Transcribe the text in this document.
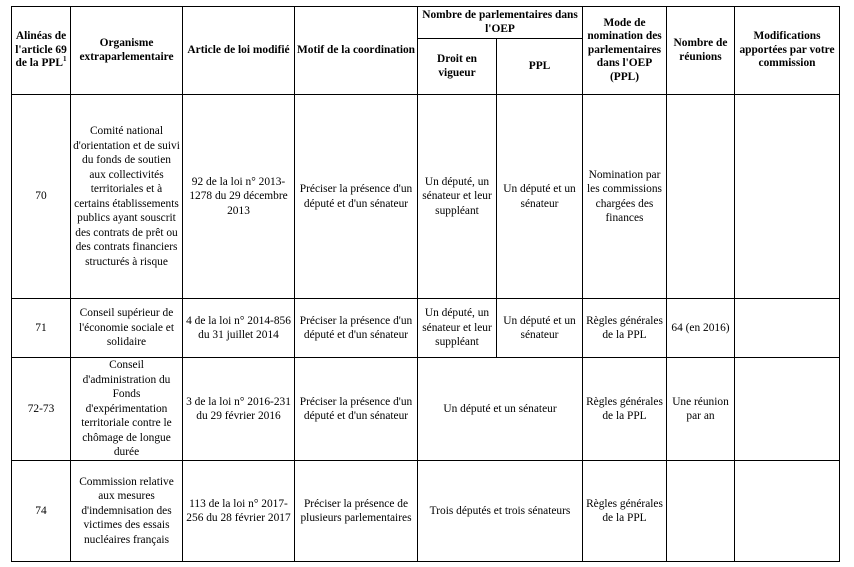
Alinéas de l'article 69 de la PPL$^1$	Organisme extraparlementaire	Article de loi modifié	Motif de la coordination	Nombre de parlementaires dans l'OEP		Mode de nomination des parlementaires dans l'OEP (PPL)	Nombre de réunions	Modifications apportées par votre commission
				Droit en vigueur	PPL			
70	Comité national d'orientation et de suivi du fonds de soutien aux collectivités territoriales et à certains établissements publics ayant souscrit des contrats de prêt ou des contrats financiers structurés à risque	92 de la loi n° 2013-1278 du 29 décembre 2013	Préciser la présence d'un député et d'un sénateur	Un député, un sénateur et leur suppléant	Un député et un sénateur	Nomination par les commissions chargées des finances		
71	Conseil supérieur de l'économie sociale et solidaire	4 de la loi n° 2014-856 du 31 juillet 2014	Préciser la présence d'un député et d'un sénateur	Un député, un sénateur et leur suppléant	Un député et un sénateur	Règles générales de la PPL	64 (en 2016)	
72-73	Conseil d'administration du Fonds d'expérimentation territoriale contre le chômage de longue durée	3 de la loi n° 2016-231 du 29 février 2016	Préciser la présence d'un député et d'un sénateur	Un député et un sénateur		Règles générales de la PPL	Une réunion par an	
74	Commission relative aux mesures d'indemnisation des victimes des essais nucléaires français	113 de la loi n° 2017-256 du 28 février 2017	Préciser la présence de plusieurs parlementaires	Trois députés et trois sénateurs		Règles générales de la PPL		
